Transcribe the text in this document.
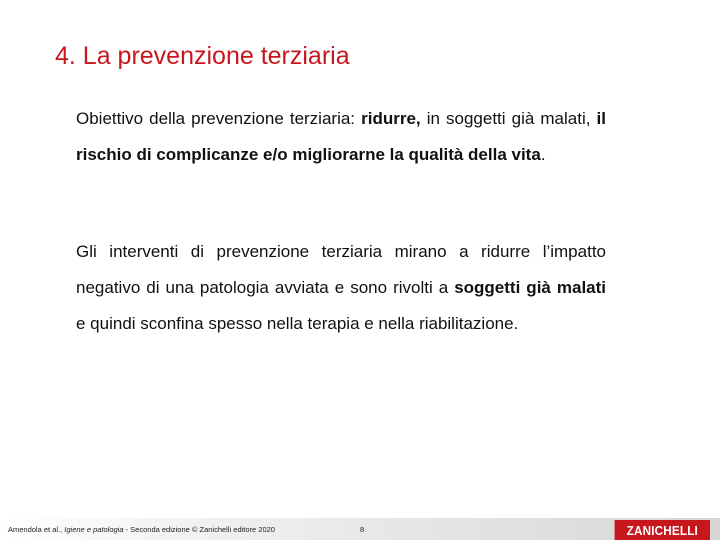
4. La prevenzione terziaria
Obiettivo della prevenzione terziaria: ridurre, in soggetti già malati, il rischio di complicanze e/o migliorarne la qualità della vita.
Gli interventi di prevenzione terziaria mirano a ridurre l’impatto negativo di una patologia avviata e sono rivolti a soggetti già malati e quindi sconfina spesso nella terapia e nella riabilitazione.
Amendola et al., Igiene e patologia - Seconda edizione © Zanichelli editore 2020	8	ZANICHELLI
